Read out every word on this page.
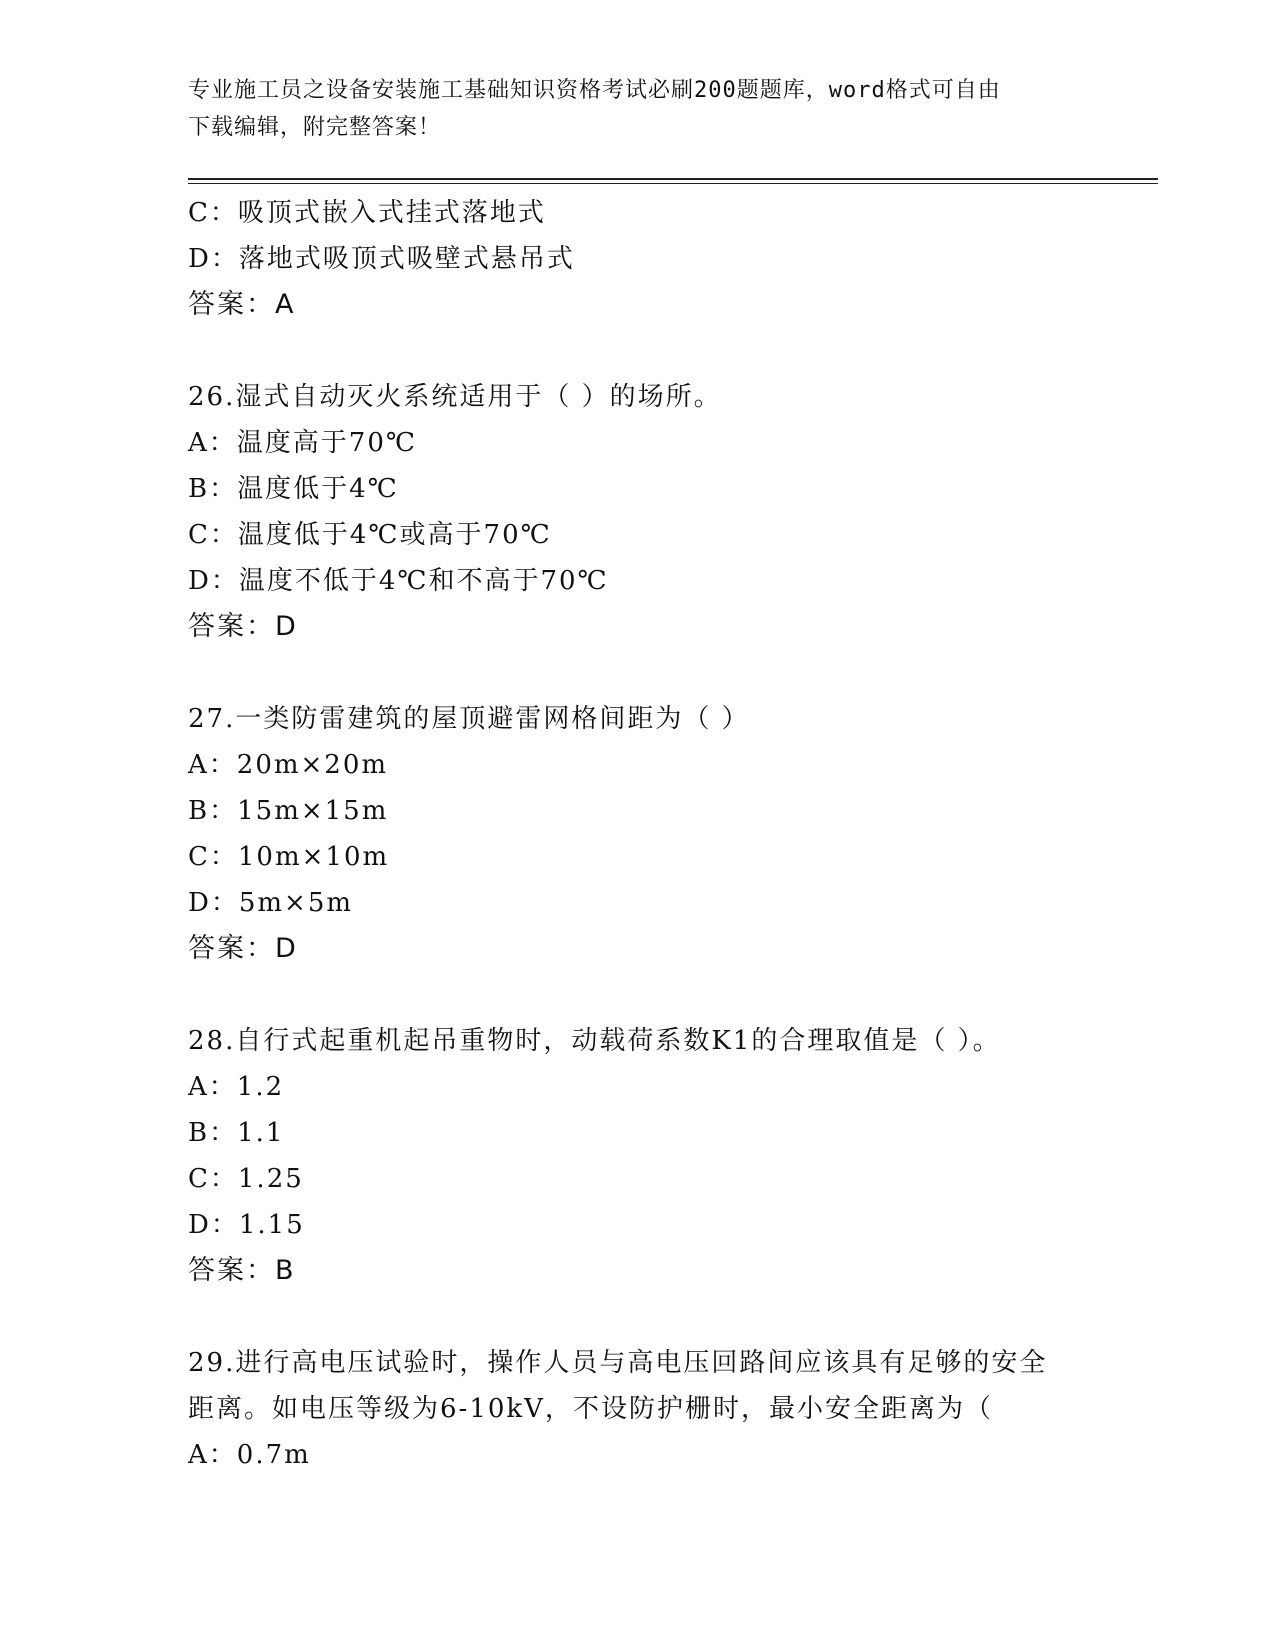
专业施工员之设备安装施工基础知识资格考试必刷200题题库，word格式可自由
下载编辑，附完整答案！
C：吸顶式嵌入式挂式落地式
D：落地式吸顶式吸壁式悬吊式
答案：A
26.湿式自动灭火系统适用于（ ）的场所。
A：温度高于70℃
B：温度低于4℃
C：温度低于4℃或高于70℃
D：温度不低于4℃和不高于70℃
答案：D
27.一类防雷建筑的屋顶避雷网格间距为（ ）
A：20m×20m
B：15m×15m
C：10m×10m
D：5m×5m
答案：D
28.自行式起重机起吊重物时，动载荷系数K1的合理取值是（ ）。
A：1.2
B：1.1
C：1.25
D：1.15
答案：B
29.进行高电压试验时，操作人员与高电压回路间应该具有足够的安全
距离。如电压等级为6-10kV，不设防护栅时，最小安全距离为（
A：0.7m
